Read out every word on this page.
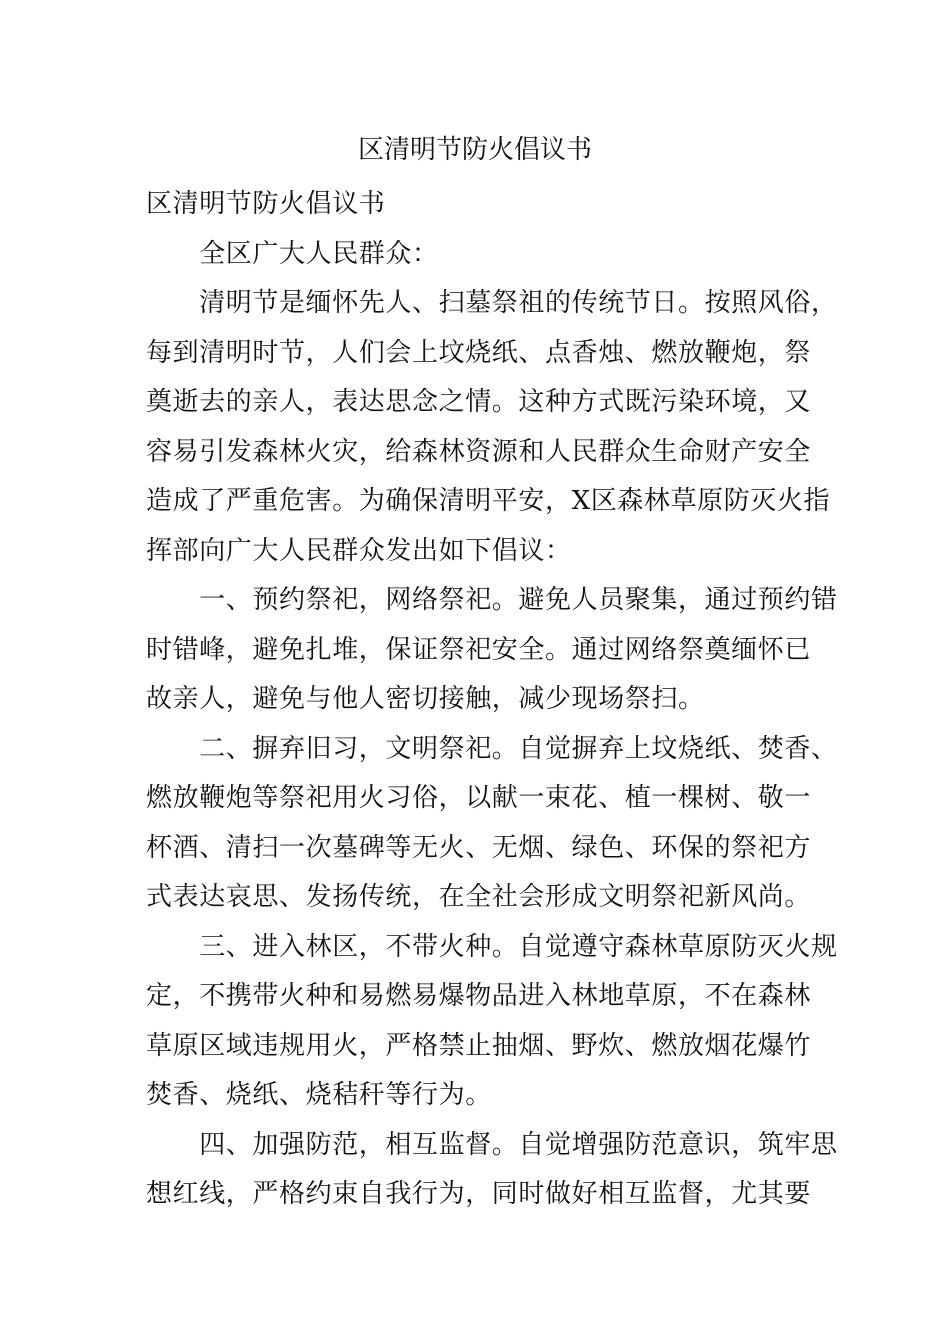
区清明节防火倡议书

区清明节防火倡议书

　　全区广大人民群众：

　　清明节是缅怀先人、扫墓祭祖的传统节日。按照风俗，

每到清明时节，人们会上坟烧纸、点香烛、燃放鞭炮，祭

奠逝去的亲人，表达思念之情。这种方式既污染环境，又

容易引发森林火灾，给森林资源和人民群众生命财产安全

造成了严重危害。为确保清明平安，X区森林草原防灭火指

挥部向广大人民群众发出如下倡议：

　　一、预约祭祀，网络祭祀。避免人员聚集，通过预约错

时错峰，避免扎堆，保证祭祀安全。通过网络祭奠缅怀已

故亲人，避免与他人密切接触，减少现场祭扫。

　　二、摒弃旧习，文明祭祀。自觉摒弃上坟烧纸、焚香、

燃放鞭炮等祭祀用火习俗，以献一束花、植一棵树、敬一

杯酒、清扫一次墓碑等无火、无烟、绿色、环保的祭祀方

式表达哀思、发扬传统，在全社会形成文明祭祀新风尚。

　　三、进入林区，不带火种。自觉遵守森林草原防灭火规

定，不携带火种和易燃易爆物品进入林地草原，不在森林

草原区域违规用火，严格禁止抽烟、野炊、燃放烟花爆竹

焚香、烧纸、烧秸秆等行为。

　　四、加强防范，相互监督。自觉增强防范意识，筑牢思

想红线，严格约束自我行为，同时做好相互监督，尤其要
